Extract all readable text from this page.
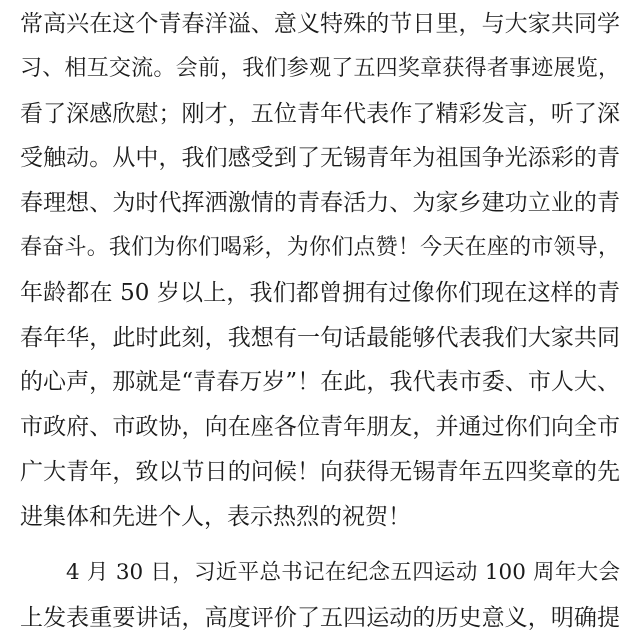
常高兴在这个青春洋溢、意义特殊的节日里，与大家共同学
习、相互交流。会前，我们参观了五四奖章获得者事迹展览，
看了深感欣慰；刚才，五位青年代表作了精彩发言，听了深
受触动。从中，我们感受到了无锡青年为祖国争光添彩的青
春理想、为时代挥洒激情的青春活力、为家乡建功立业的青
春奋斗。我们为你们喝彩，为你们点赞！今天在座的市领导，
年龄都在 50 岁以上，我们都曾拥有过像你们现在这样的青
春年华，此时此刻，我想有一句话最能够代表我们大家共同
的心声，那就是“青春万岁”！在此，我代表市委、市人大、
市政府、市政协，向在座各位青年朋友，并通过你们向全市
广大青年，致以节日的问候！向获得无锡青年五四奖章的先
进集体和先进个人，表示热烈的祝贺！
4 月 30 日，习近平总书记在纪念五四运动 100 周年大会
上发表重要讲话，高度评价了五四运动的历史意义，明确提
